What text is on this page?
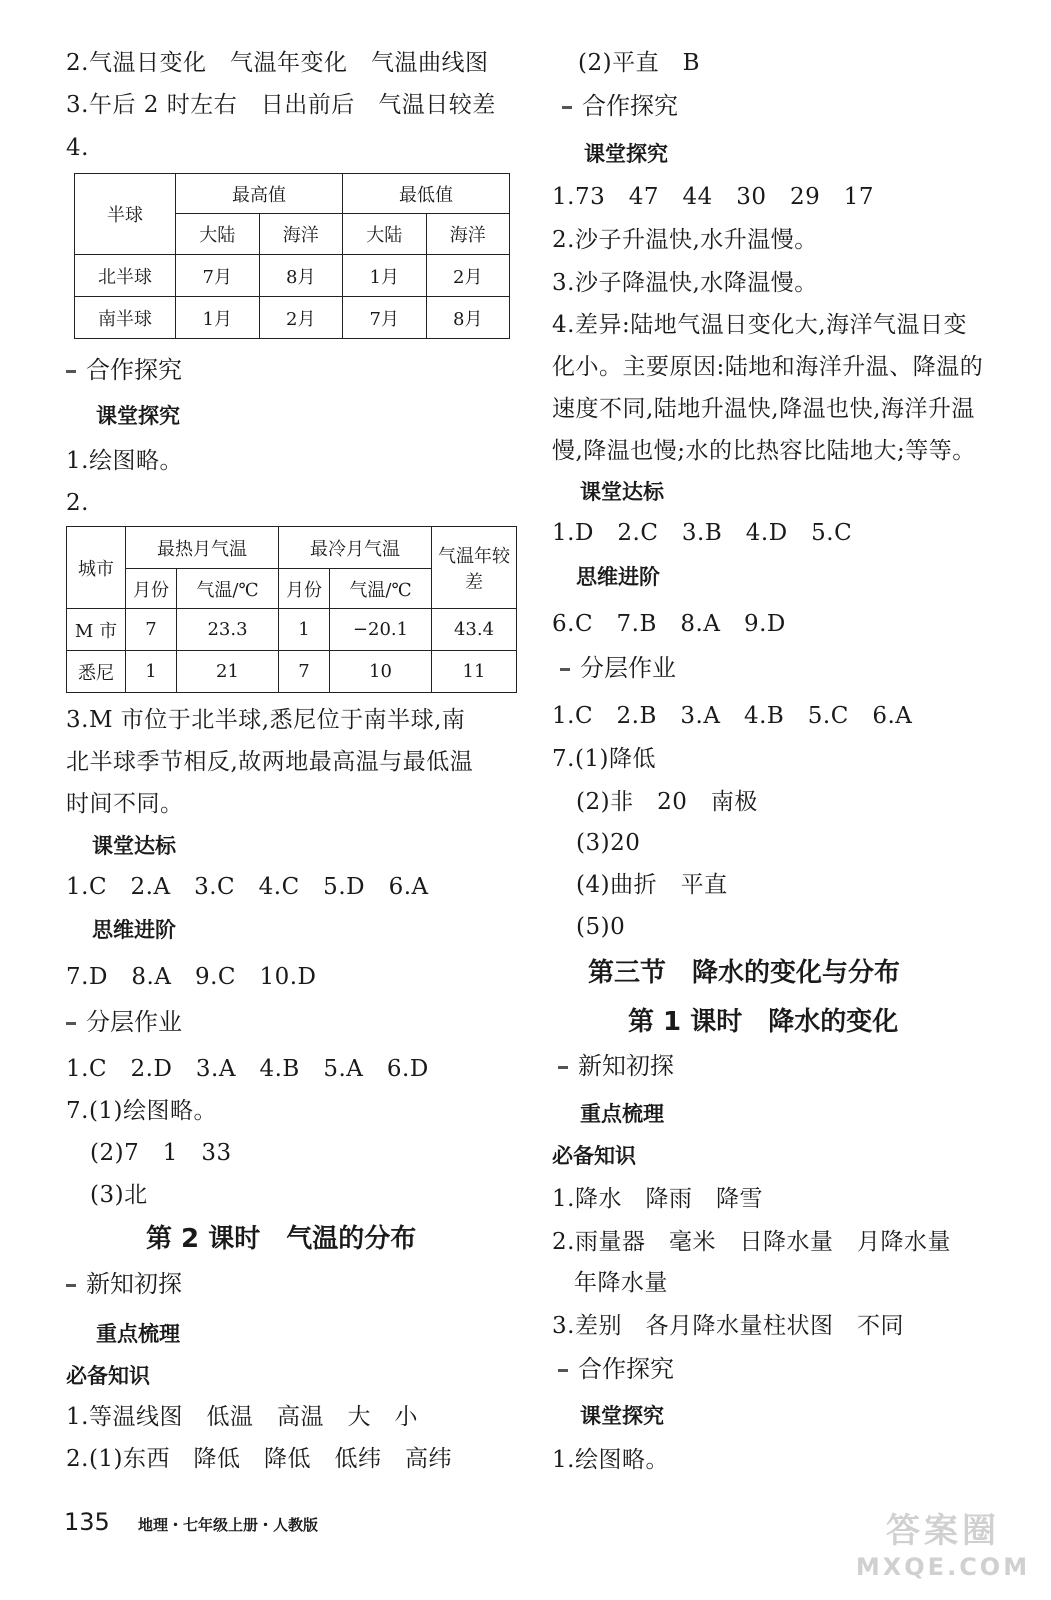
2.气温日变化　气温年变化　气温曲线图
3.午后 2 时左右　日出前后　气温日较差
4.
半球	最高值		最低值	
	大陆	海洋	大陆	海洋
北半球	7月	8月	1月	2月
南半球	1月	2月	7月	8月
合作探究
课堂探究
1.绘图略。
2.
城市	最热月气温		最冷月气温		气温年较差
	月份	气温/℃	月份	气温/℃	
M 市	7	23.3	1	−20.1	43.4
悉尼	1	21	7	10	11
3.M 市位于北半球,悉尼位于南半球,南
北半球季节相反,故两地最高温与最低温
时间不同。
课堂达标
1.C　2.A　3.C　4.C　5.D　6.A
思维进阶
7.D　8.A　9.C　10.D
分层作业
1.C　2.D　3.A　4.B　5.A　6.D
7.(1)绘图略。
(2)7　1　33
(3)北
第 2 课时　气温的分布
新知初探
重点梳理
必备知识
1.等温线图　低温　高温　大　小
2.(1)东西　降低　降低　低纬　高纬
(2)平直　B
合作探究
课堂探究
1.73　47　44　30　29　17
2.沙子升温快,水升温慢。
3.沙子降温快,水降温慢。
4.差异:陆地气温日变化大,海洋气温日变
化小。主要原因:陆地和海洋升温、降温的
速度不同,陆地升温快,降温也快,海洋升温
慢,降温也慢;水的比热容比陆地大;等等。
课堂达标
1.D　2.C　3.B　4.D　5.C
思维进阶
6.C　7.B　8.A　9.D
分层作业
1.C　2.B　3.A　4.B　5.C　6.A
7.(1)降低
(2)非　20　南极
(3)20
(4)曲折　平直
(5)0
第三节　降水的变化与分布
第 1 课时　降水的变化
新知初探
重点梳理
必备知识
1.降水　降雨　降雪
2.雨量器　毫米　日降水量　月降水量
年降水量
3.差别　各月降水量柱状图　不同
合作探究
课堂探究
1.绘图略。
135 地理・七年级上册・人教版	答案圈
MXQE.COM
